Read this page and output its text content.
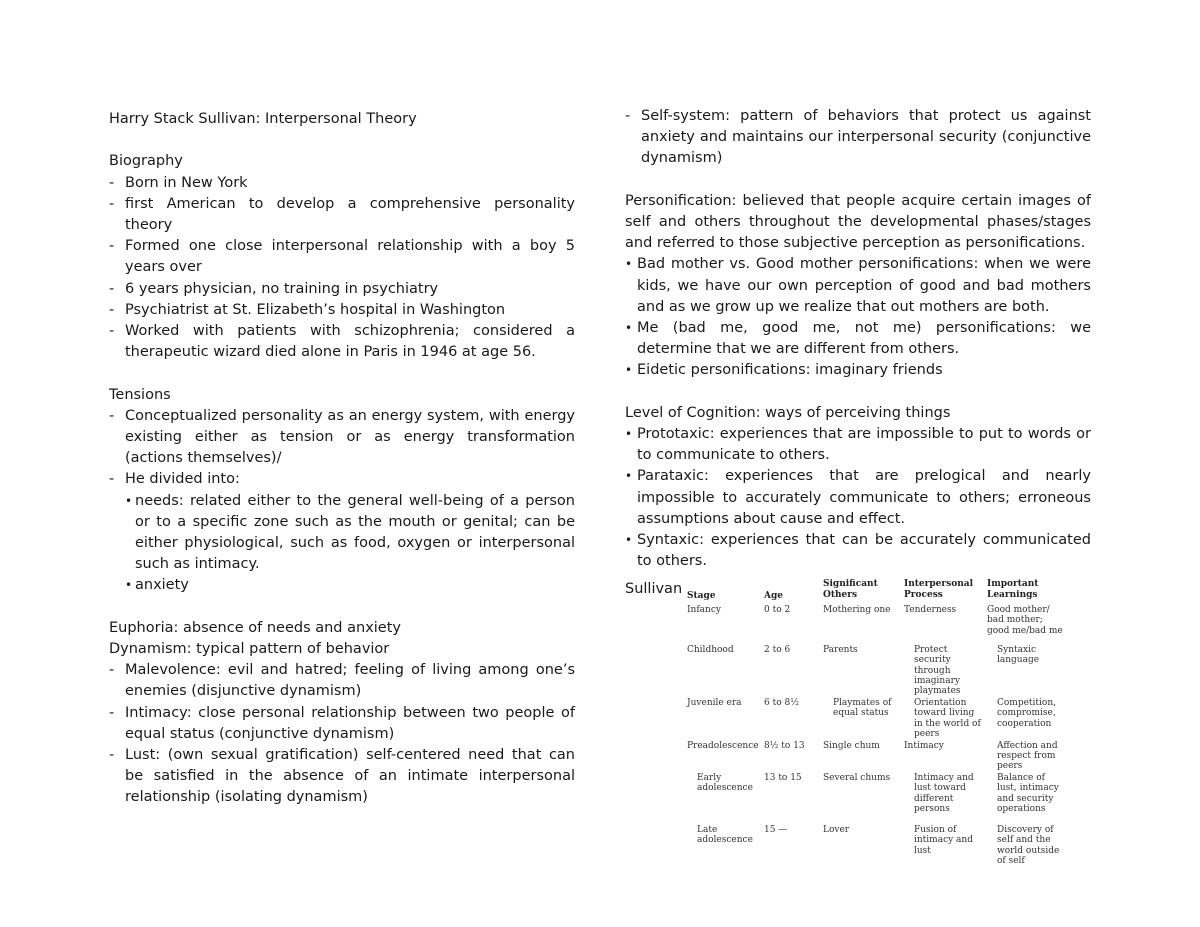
Harry Stack Sullivan: Interpersonal Theory

Biography

- Born in New York
- first American to develop a comprehensive personality theory
- Formed one close interpersonal relationship with a boy 5 years over
- 6 years physician, no training in psychiatry
- Psychiatrist at St. Elizabeth’s hospital in Washington
- Worked with patients with schizophrenia; considered a therapeutic wizard died alone in Paris in 1946 at age 56.

Tensions

- Conceptualized personality as an energy system, with energy existing either as tension or as energy transformation (actions themselves)/
- He divided into:
• needs: related either to the general well-being of a person or to a specific zone such as the mouth or genital; can be either physiological, such as food, oxygen or interpersonal such as intimacy.
• anxiety

Euphoria: absence of needs and anxiety

Dynamism: typical pattern of behavior

- Malevolence: evil and hatred; feeling of living among one’s enemies (disjunctive dynamism)
- Intimacy: close personal relationship between two people of equal status (conjunctive dynamism)
- Lust: (own sexual gratification) self-centered need that can be satisfied in the absence of an intimate interpersonal relationship (isolating dynamism)
- Self-system: pattern of behaviors that protect us against anxiety and maintains our interpersonal security (conjunctive dynamism)

Personification: believed that people acquire certain images of self and others throughout the developmental phases/stages and referred to those subjective perception as personifications.

• Bad mother vs. Good mother personifications: when we were kids, we have our own perception of good and bad mothers and as we grow up we realize that out mothers are both.
• Me (bad me, good me, not me) personifications: we determine that we are different from others.
• Eidetic personifications: imaginary friends

Level of Cognition: ways of perceiving things

• Prototaxic: experiences that are impossible to put to words or to communicate to others.
• Parataxic: experiences that are prelogical and nearly impossible to accurately communicate to others; erroneous assumptions about cause and effect.
• Syntaxic: experiences that can be accurately communicated to others.
Stage	Age	Significant Others	Interpersonal Process	Important Learnings
Infancy	0 to 2	Mothering one	Tenderness	Good mother/ bad mother; good me/bad me
Childhood	2 to 6	Parents	Protect security through imaginary playmates	Syntaxic language
Juvenile era	6 to 8½	Playmates of equal status	Orientation toward living in the world of peers	Competition, compromise, cooperation
Preadolescence	8½ to 13	Single chum	Intimacy	Affection and respect from peers
Early adolescence	13 to 15	Several chums	Intimacy and lust toward different persons	Balance of lust, intimacy and security operations
Late adolescence	15 —	Lover	Fusion of intimacy and lust	Discovery of self and the world outside of self
Sullivan
